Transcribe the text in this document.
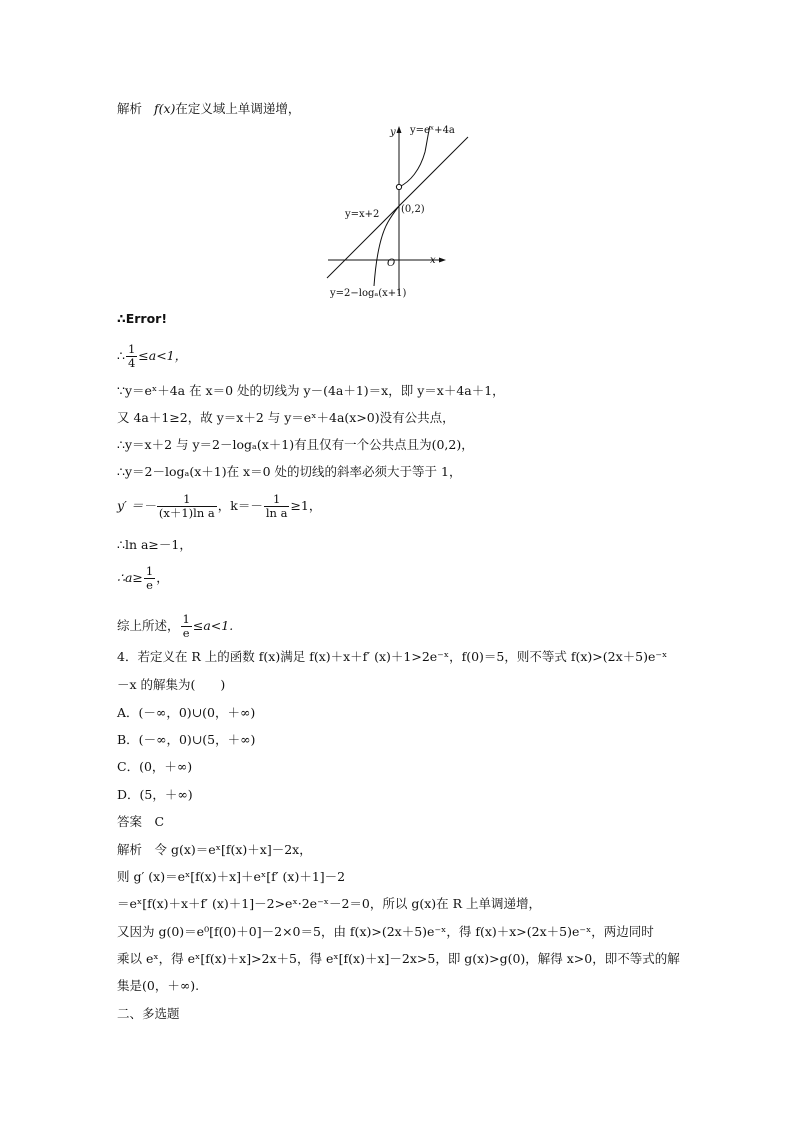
解析 f(x)在定义域上单调递增，
y
x
O
(0,2)
y=eˣ+4a
y=x+2
y=2−logₐ(x+1)
∴Error!
∴ $\frac{1}{4} \le a<1$，
∵y＝eˣ＋4a 在 x＝0 处的切线为 y－(4a＋1)＝x，即 y＝x＋4a＋1，
又 4a＋1≥2，故 y＝x＋2 与 y＝eˣ＋4a(x>0)没有公共点，
∴y＝x＋2 与 y＝2－logₐ(x＋1)有且仅有一个公共点且为(0,2)，
∴y＝2－logₐ(x＋1)在 x＝0 处的切线的斜率必须大于等于 1，
$y' =- \frac{1}{\text{(x＋1)ln a}}$ ，$k=- \frac{1}{\text{ln a}} \ge 1$，
∴ln a≥－1，
∴a≥ $\frac{1}{e}$ ，
综上所述， $\frac{1}{e} \le a<1$.
4．若定义在 R 上的函数 f(x)满足 f(x)＋x＋f′ (x)＋1>2e⁻ˣ，f(0)＝5，则不等式 f(x)>(2x＋5)e⁻ˣ
－x 的解集为(　　)
A．(－∞，0)∪(0，＋∞)
B．(－∞，0)∪(5，＋∞)
C．(0，＋∞)
D．(5，＋∞)
答案　C
解析　令 g(x)＝eˣ[f(x)＋x]－2x，
则 g′ (x)＝eˣ[f(x)＋x]＋eˣ[f′ (x)＋1]－2
＝eˣ[f(x)＋x＋f′ (x)＋1]－2>eˣ·2e⁻ˣ－2＝0，所以 g(x)在 R 上单调递增，
又因为 g(0)＝e⁰[f(0)＋0]－2×0＝5，由 f(x)>(2x＋5)e⁻ˣ，得 f(x)＋x>(2x＋5)e⁻ˣ，两边同时
乘以 eˣ，得 eˣ[f(x)＋x]>2x＋5，得 eˣ[f(x)＋x]－2x>5，即 g(x)>g(0)，解得 x>0，即不等式的解
集是(0，＋∞).
二、多选题
